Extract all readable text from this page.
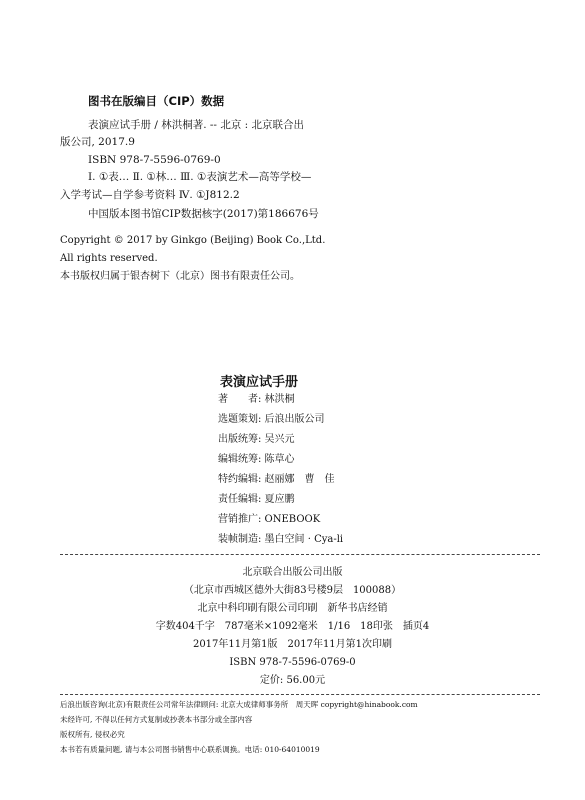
图书在版编目（CIP）数据
表演应试手册 / 林洪桐著. -- 北京 : 北京联合出
版公司, 2017.9
ISBN 978-7-5596-0769-0
Ⅰ. ①表… Ⅱ. ①林… Ⅲ. ①表演艺术—高等学校—
入学考试—自学参考资料 Ⅳ. ①J812.2
中国版本图书馆CIP数据核字(2017)第186676号
Copyright © 2017 by Ginkgo (Beijing) Book Co.,Ltd.
All rights reserved.
本书版权归属于银杏树下（北京）图书有限责任公司。
表演应试手册
著　　者: 林洪桐
选题策划: 后浪出版公司
出版统筹: 吴兴元
编辑统筹: 陈草心
特约编辑: 赵丽娜　曹　佳
责任编辑: 夏应鹏
营销推广: ONEBOOK
装帧制造: 墨白空间 · Cya-li
北京联合出版公司出版
（北京市西城区德外大街83号楼9层　100088）
北京中科印刷有限公司印刷　新华书店经销
字数404千字　787毫米×1092毫米　1/16　18印张　插页4
2017年11月第1版　2017年11月第1次印刷
ISBN 978-7-5596-0769-0
定价: 56.00元
后浪出版咨询(北京)有限责任公司常年法律顾问: 北京大成律师事务所　周天晖 copyright@hinabook.com
未经许可, 不得以任何方式复制或抄袭本书部分或全部内容
版权所有, 侵权必究
本书若有质量问题, 请与本公司图书销售中心联系调换。电话: 010-64010019
